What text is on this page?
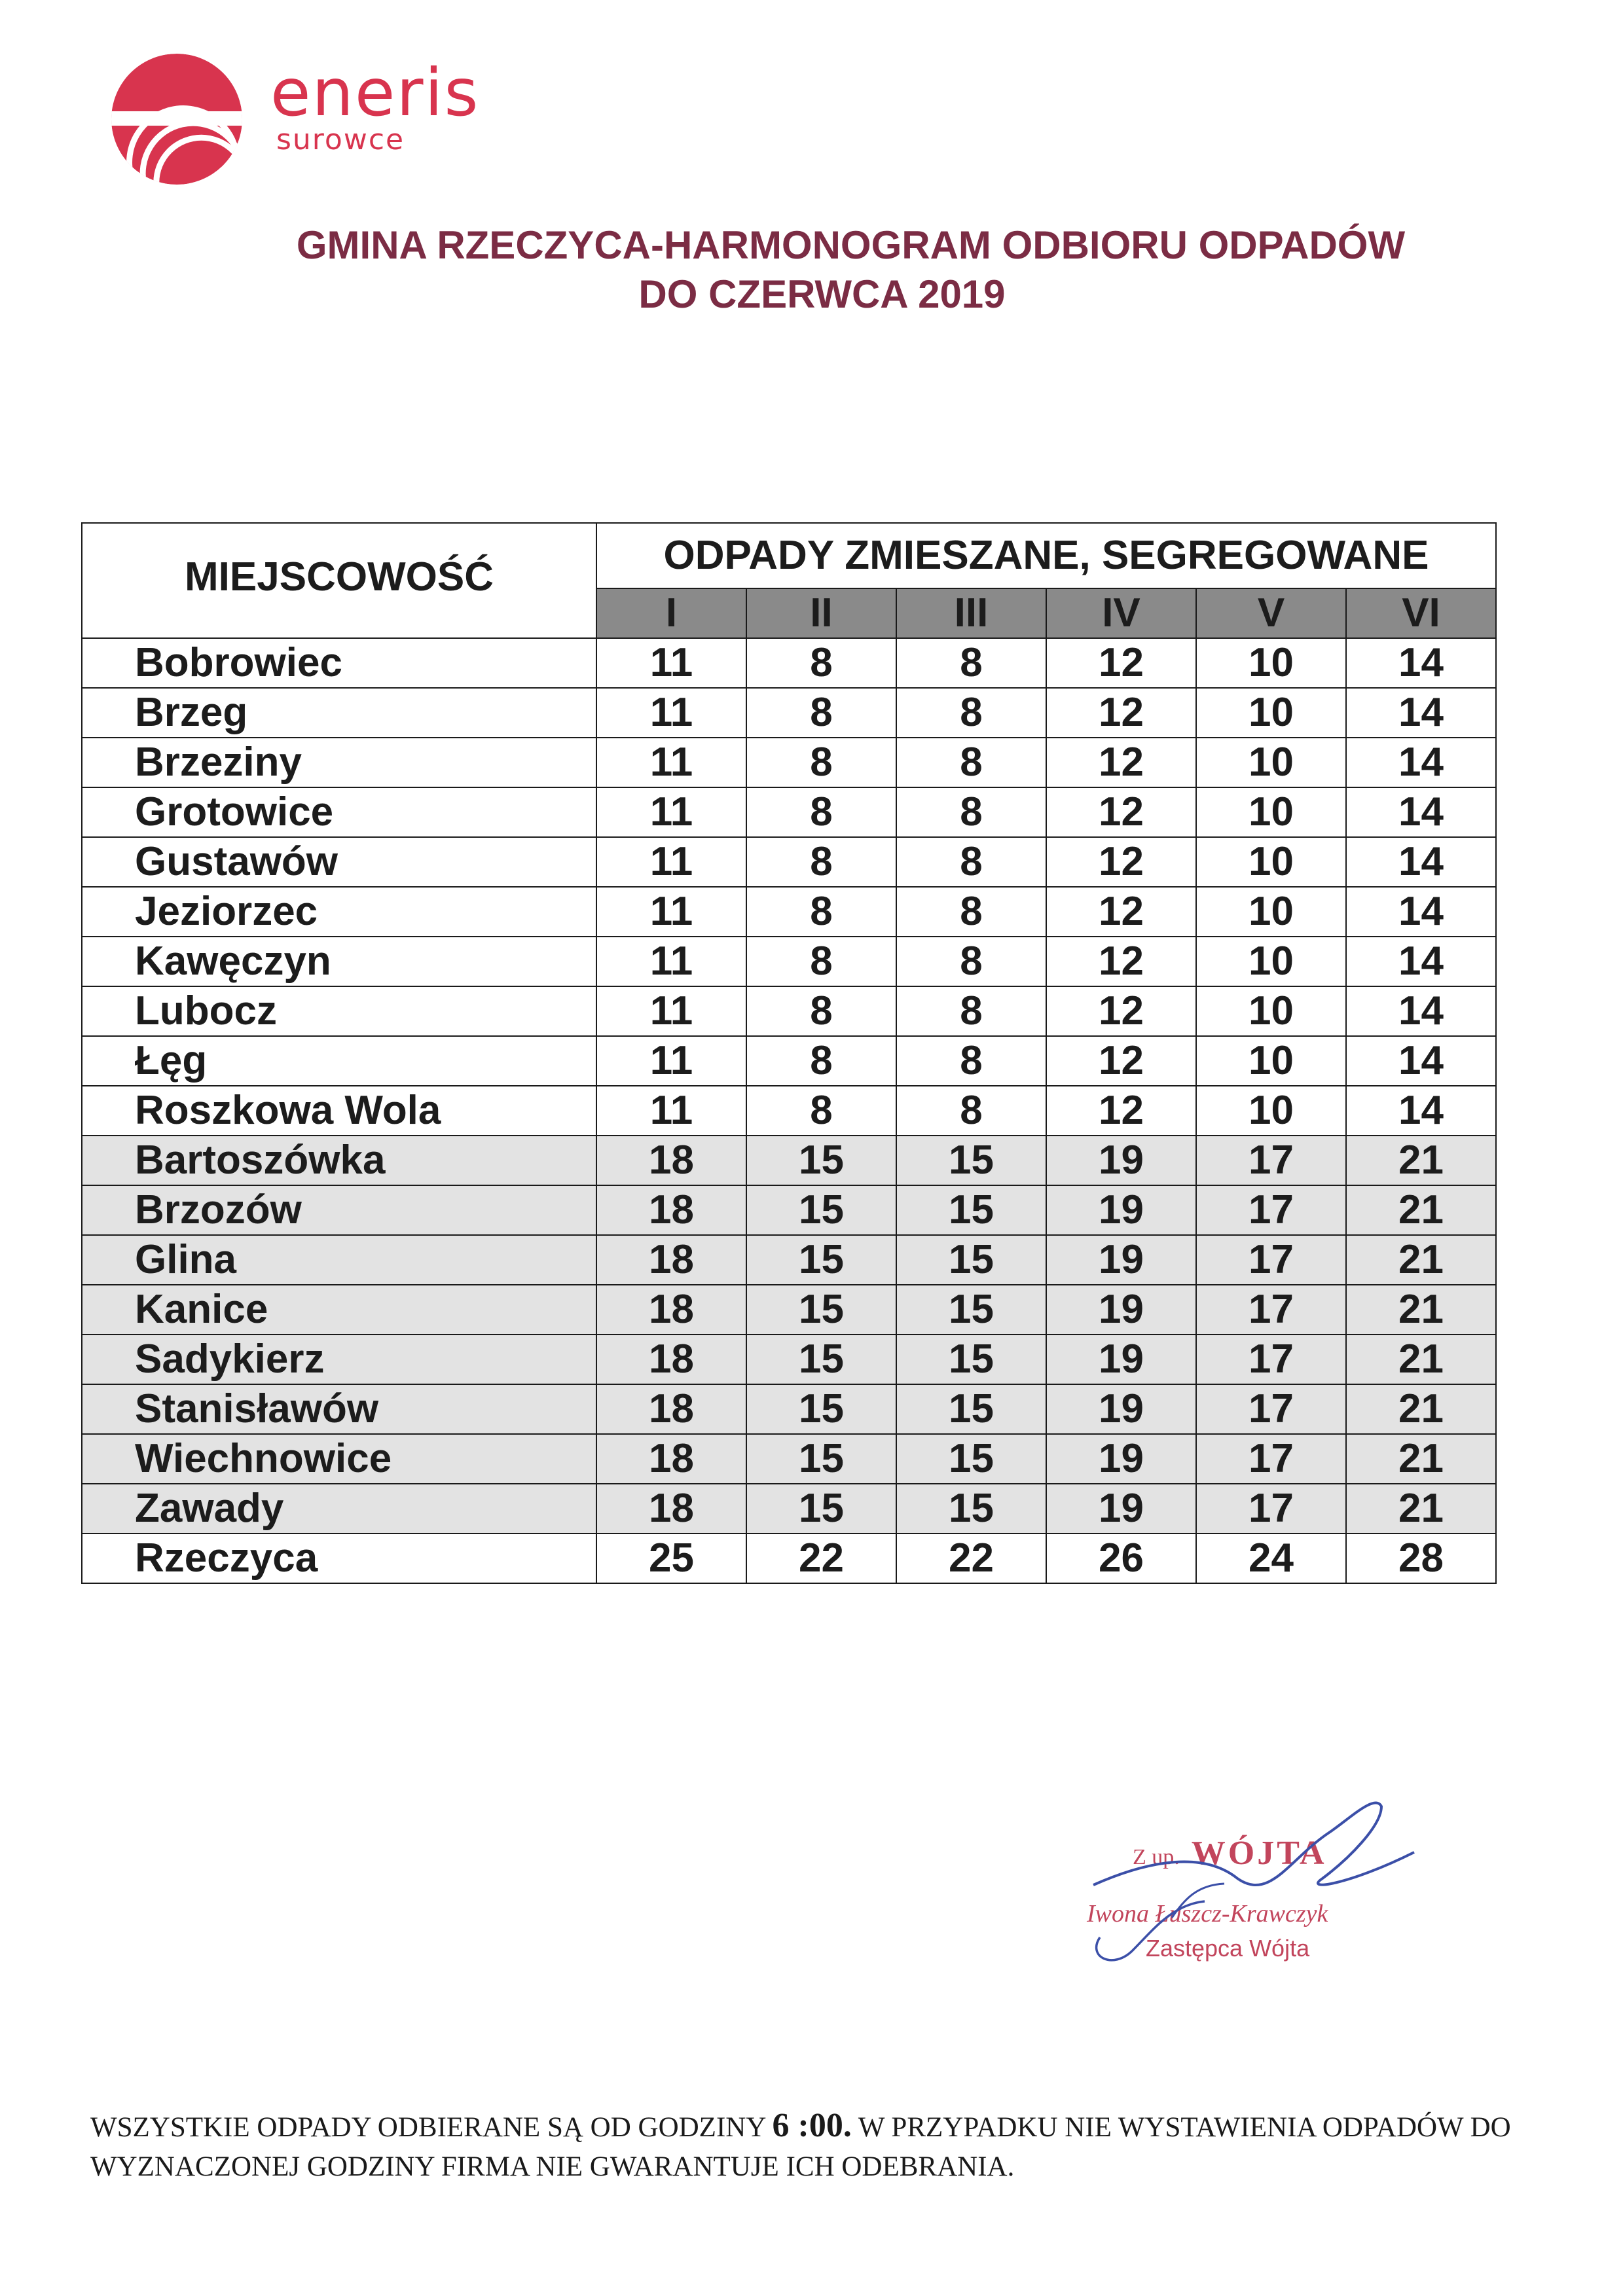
eneris
surowce
GMINA RZECZYCA-HARMONOGRAM ODBIORU ODPADÓW
DO CZERWCA 2019
MIEJSCOWOŚĆ	ODPADY ZMIESZANE, SEGREGOWANE					
	I	II	III	IV	V	VI
Bobrowiec	11	8	8	12	10	14
Brzeg	11	8	8	12	10	14
Brzeziny	11	8	8	12	10	14
Grotowice	11	8	8	12	10	14
Gustawów	11	8	8	12	10	14
Jeziorzec	11	8	8	12	10	14
Kawęczyn	11	8	8	12	10	14
Lubocz	11	8	8	12	10	14
Łęg	11	8	8	12	10	14
Roszkowa Wola	11	8	8	12	10	14
Bartoszówka	18	15	15	19	17	21
Brzozów	18	15	15	19	17	21
Glina	18	15	15	19	17	21
Kanice	18	15	15	19	17	21
Sadykierz	18	15	15	19	17	21
Stanisławów	18	15	15	19	17	21
Wiechnowice	18	15	15	19	17	21
Zawady	18	15	15	19	17	21
Rzeczyca	25	22	22	26	24	28
Z up. WÓJTA
Iwona Łuszcz-Krawczyk
Zastępca Wójta
WSZYSTKIE ODPADY ODBIERANE SĄ OD GODZINY 6 :00. W PRZYPADKU NIE WYSTAWIENIA ODPADÓW DO WYZNACZONEJ GODZINY FIRMA NIE GWARANTUJE ICH ODEBRANIA.
